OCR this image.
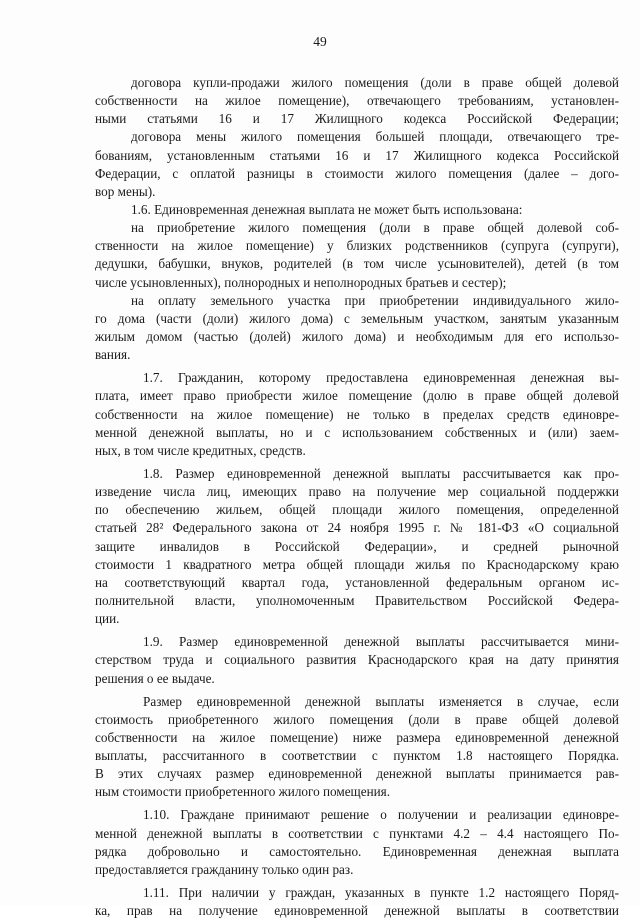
49
договора купли-продажи жилого помещения (доли в праве общей долевой
собственности на жилое помещение), отвечающего требованиям, установлен-
ными статьями 16 и 17 Жилищного кодекса Российской Федерации;
договора мены жилого помещения большей площади, отвечающего тре-
бованиям, установленным статьями 16 и 17 Жилищного кодекса Российской
Федерации, с оплатой разницы в стоимости жилого помещения (далее – дого-
вор мены).
1.6. Единовременная денежная выплата не может быть использована:
на приобретение жилого помещения (доли в праве общей долевой соб-
ственности на жилое помещение) у близких родственников (супруга (супруги),
дедушки, бабушки, внуков, родителей (в том числе усыновителей), детей (в том
числе усыновленных), полнородных и неполнородных братьев и сестер);
на оплату земельного участка при приобретении индивидуального жило-
го дома (части (доли) жилого дома) с земельным участком, занятым указанным
жилым домом (частью (долей) жилого дома) и необходимым для его использо-
вания.
1.7. Гражданин, которому предоставлена единовременная денежная вы-
плата, имеет право приобрести жилое помещение (долю в праве общей долевой
собственности на жилое помещение) не только в пределах средств единовре-
менной денежной выплаты, но и с использованием собственных и (или) заем-
ных, в том числе кредитных, средств.
1.8. Размер единовременной денежной выплаты рассчитывается как про-
изведение числа лиц, имеющих право на получение мер социальной поддержки
по обеспечению жильем, общей площади жилого помещения, определенной
статьей 28² Федерального закона от 24 ноября 1995 г. № 181-ФЗ «О социальной
защите инвалидов в Российской Федерации», и средней рыночной
стоимости 1 квадратного метра общей площади жилья по Краснодарскому краю
на соответствующий квартал года, установленной федеральным органом ис-
полнительной власти, уполномоченным Правительством Российской Федера-
ции.
1.9. Размер единовременной денежной выплаты рассчитывается мини-
стерством труда и социального развития Краснодарского края на дату принятия
решения о ее выдаче.
Размер единовременной денежной выплаты изменяется в случае, если
стоимость приобретенного жилого помещения (доли в праве общей долевой
собственности на жилое помещение) ниже размера единовременной денежной
выплаты, рассчитанного в соответствии с пунктом 1.8 настоящего Порядка.
В этих случаях размер единовременной денежной выплаты принимается рав-
ным стоимости приобретенного жилого помещения.
1.10. Граждане принимают решение о получении и реализации единовре-
менной денежной выплаты в соответствии с пунктами 4.2 – 4.4 настоящего По-
рядка добровольно и самостоятельно. Единовременная денежная выплата
предоставляется гражданину только один раз.
1.11. При наличии у граждан, указанных в пункте 1.2 настоящего Поряд-
ка, прав на получение единовременной денежной выплаты в соответствии
